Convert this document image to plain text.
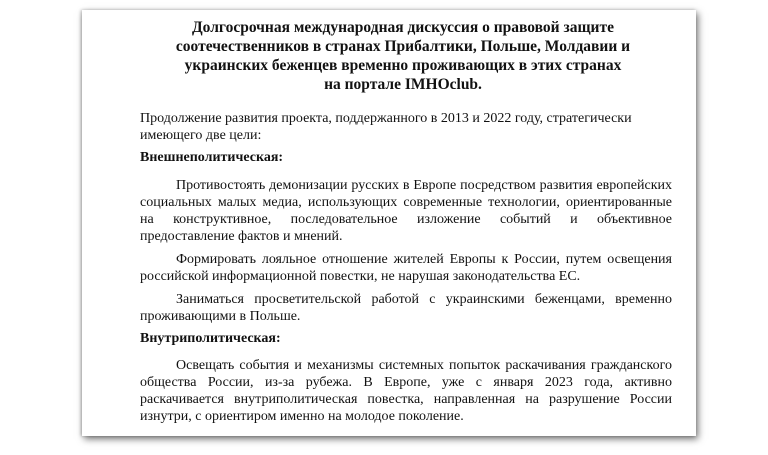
Долгосрочная международная дискуссия о правовой защите
соотечественников в странах Прибалтики, Польше, Молдавии и
украинских беженцев временно проживающих в этих странах
на портале IMHOclub.

Продолжение развития проекта, поддержанного в 2013 и 2022 году, стратегически имеющего две цели:

Внешнеполитическая:

Противостоять демонизации русских в Европе посредством развития европейских социальных малых медиа, использующих современные технологии, ориентированные на конструктивное, последовательное изложение событий и объективное предоставление фактов и мнений.

Формировать лояльное отношение жителей Европы к России, путем освещения российской информационной повестки, не нарушая законодательства ЕС.

Заниматься просветительской работой с украинскими беженцами, временно проживающими в Польше.

Внутриполитическая:

Освещать события и механизмы системных попыток раскачивания гражданского общества России, из-за рубежа. В Европе, уже с января 2023 года, активно раскачивается внутриполитическая повестка, направленная на разрушение России изнутри, с ориентиром именно на молодое поколение.
